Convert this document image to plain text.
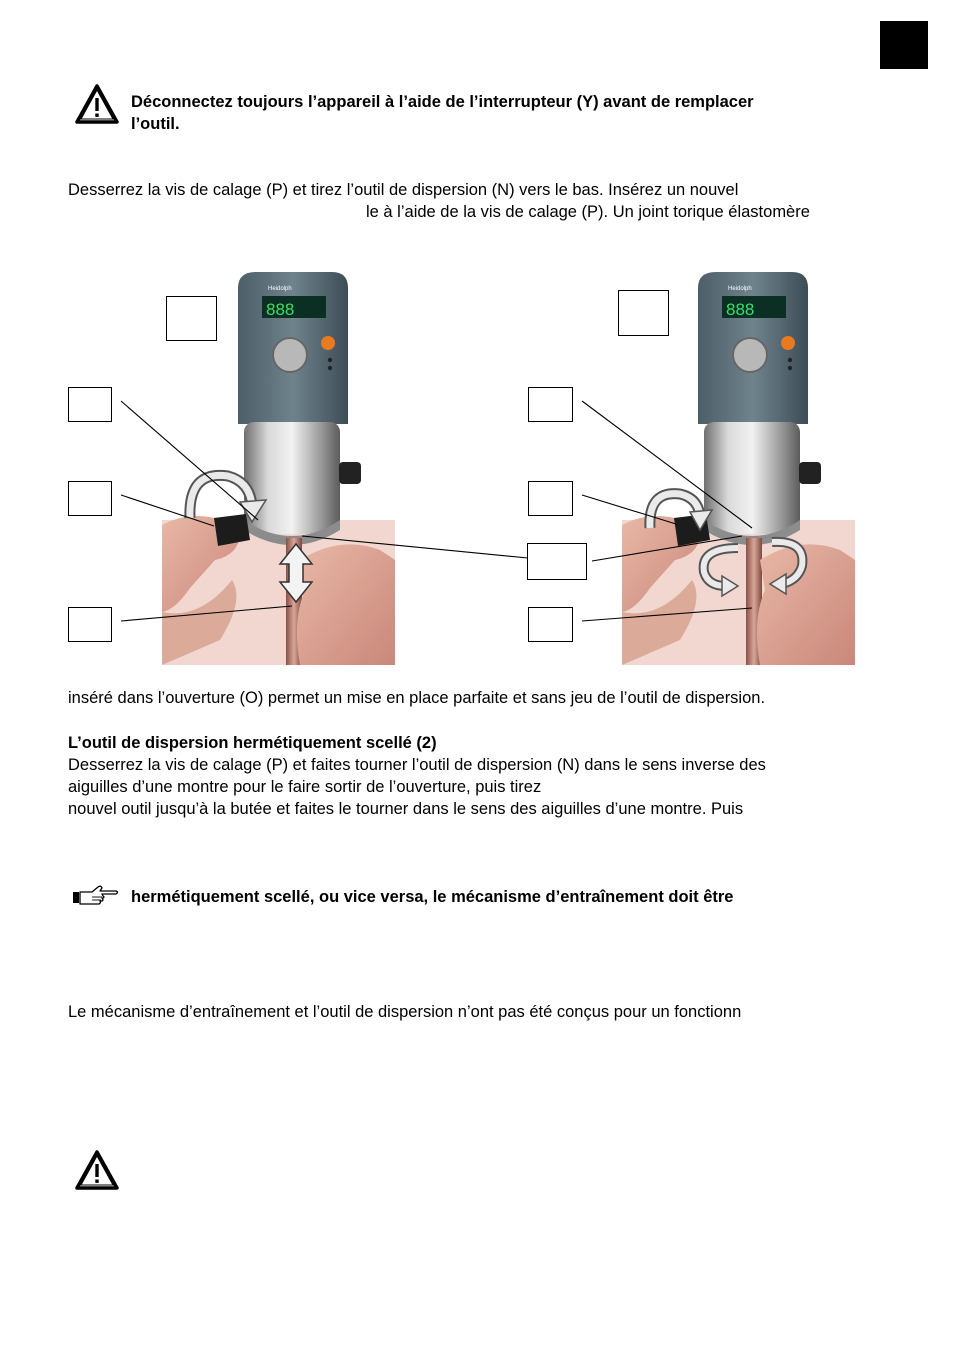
Déconnectez toujours l’appareil à l’aide de l’interrupteur (Y) avant de remplacer
l’outil.
Desserrez la vis de calage (P) et tirez l’outil de dispersion (N) vers le bas. Insérez un nouvel
le à l’aide de la vis de calage (P). Un joint torique élastomère
Heidolph
888
Heidolph
888
inséré dans l’ouverture (O) permet un mise en place parfaite et sans jeu de l’outil de dispersion.
L’outil de dispersion hermétiquement scellé (2)
Desserrez la vis de calage (P) et faites tourner l’outil de dispersion (N) dans le sens inverse des
aiguilles d’une montre pour le faire sortir de l’ouverture, puis tirez
nouvel outil jusqu’à la butée et faites le tourner dans le sens des aiguilles d’une montre. Puis
hermétiquement scellé, ou vice versa, le mécanisme d’entraînement doit être
Le mécanisme d’entraînement et l’outil de dispersion n’ont pas été conçus pour un fonctionn
